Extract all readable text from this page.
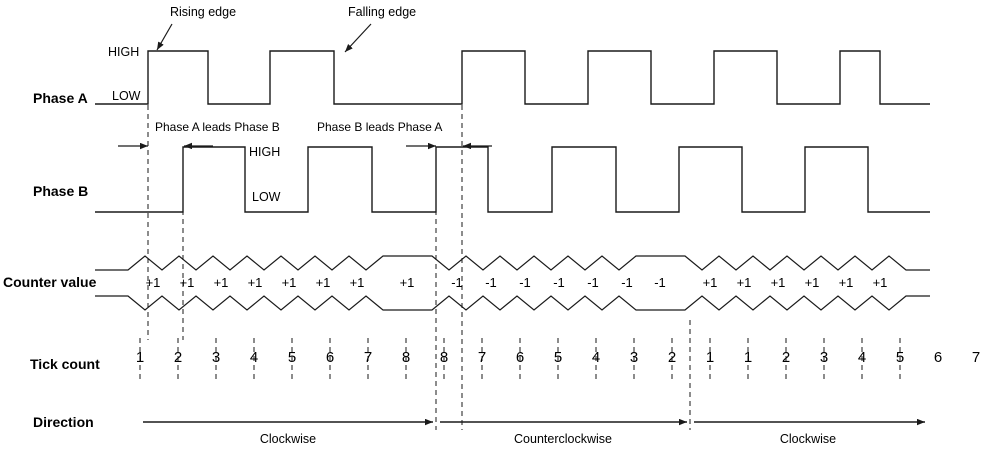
Phase A
Phase B
Counter value
Tick count
Direction
HIGH
LOW
HIGH
LOW
Rising edge	Falling edge
Phase A leads Phase B	Phase B leads Phase A
+1	+1	+1	+1	+1	+1	+1	+1	-1	-1	-1	-1	-1	-1	-1	+1	+1	+1	+1	+1	+1
1	2	3	4	5	6	7	8	8	7	6	5	4	3	2	1	1	2	3	4	5	6	7
Clockwise	Counterclockwise	Clockwise
